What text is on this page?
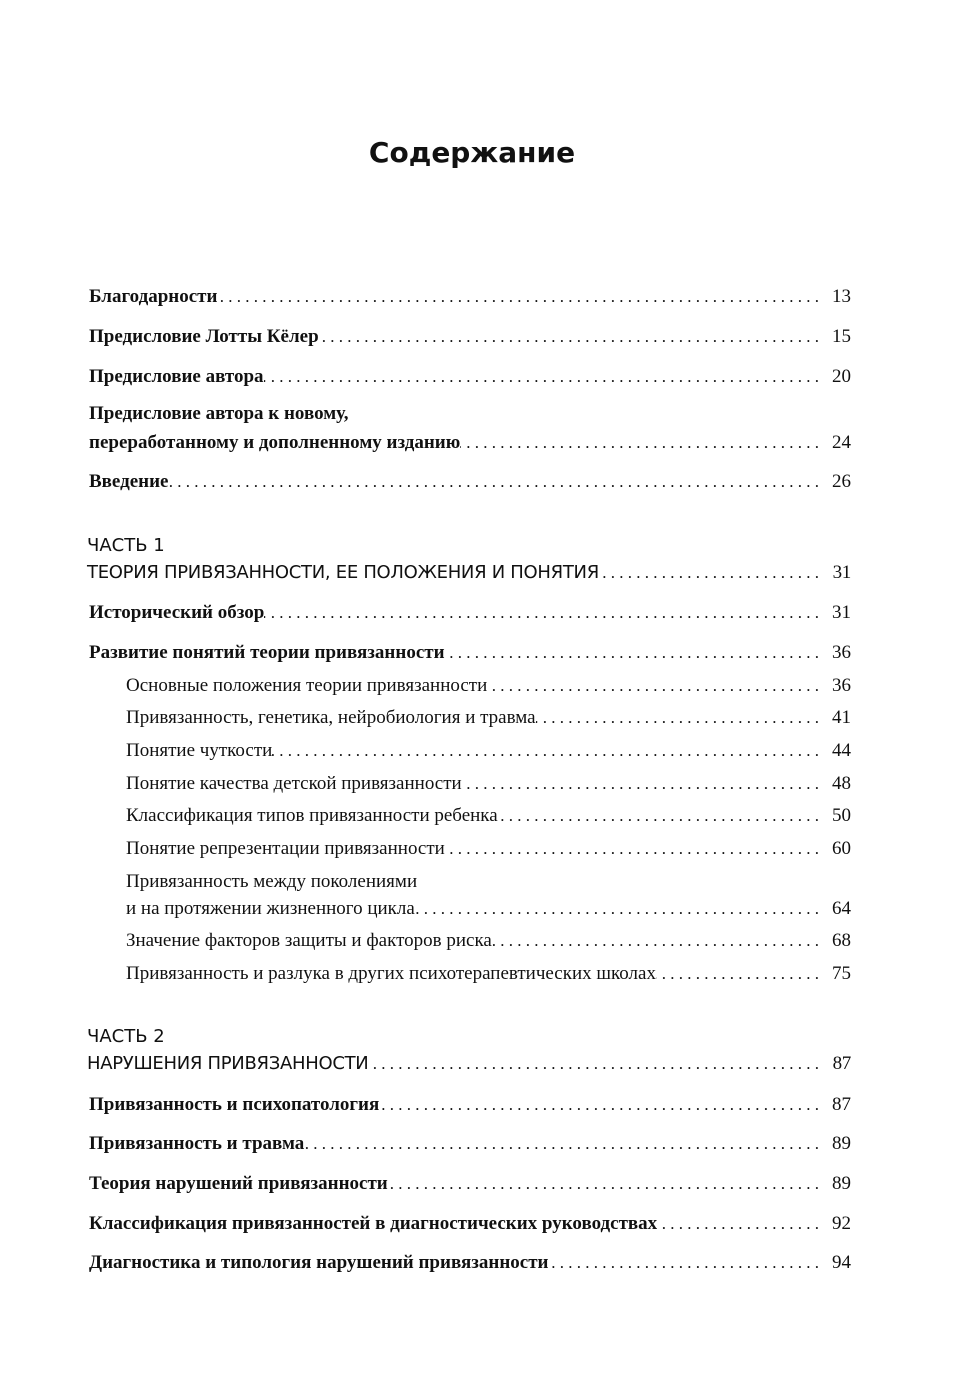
Содержание
Благодарности . . .	13
Предисловие Лотты Кёлер . . .	15
Предисловие автора . . .	20
Предисловие автора к новому,
переработанному и дополненному изданию . . .	24
Введение . . .	26
ЧАСТЬ 1
ТЕОРИЯ ПРИВЯЗАННОСТИ, ЕЕ ПОЛОЖЕНИЯ И ПОНЯТИЯ . . .	31
Исторический обзор . . .	31
Развитие понятий теории привязанности . . .	36
Основные положения теории привязанности . . .	36
Привязанность, генетика, нейробиология и травма . . .	41
Понятие чуткости . . .	44
Понятие качества детской привязанности . . .	48
Классификация типов привязанности ребенка . . .	50
Понятие репрезентации привязанности . . .	60
Привязанность между поколениями
и на протяжении жизненного цикла . . .	64
Значение факторов защиты и факторов риска . . .	68
Привязанность и разлука в других психотерапевтических школах . . .	75
ЧАСТЬ 2
НАРУШЕНИЯ ПРИВЯЗАННОСТИ . . .	87
Привязанность и психопатология . . .	87
Привязанность и травма . . .	89
Теория нарушений привязанности . . .	89
Классификация привязанностей в диагностических руководствах . . .	92
Диагностика и типология нарушений привязанности . . .	94
